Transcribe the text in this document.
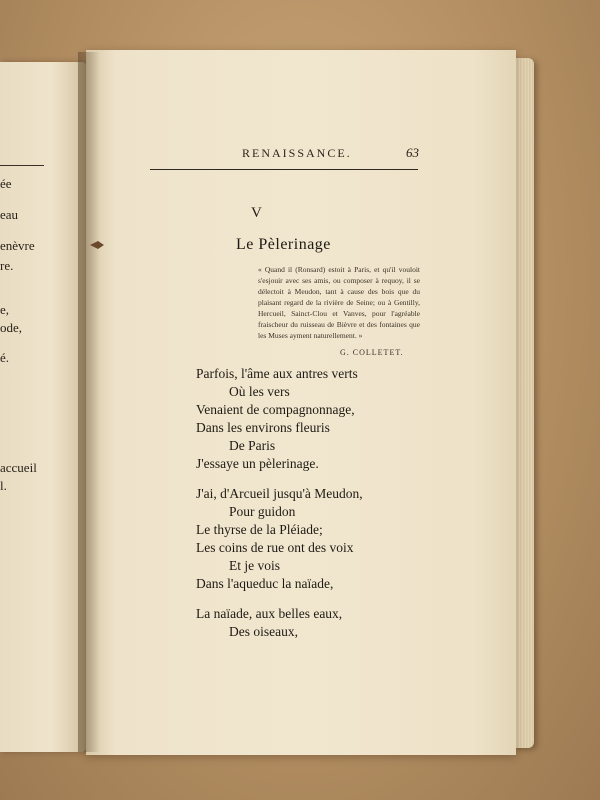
ée
eau
enèvre
re.
e,
ode,
é.
accueil
l.
RENAISSANCE.	63
V
Le Pèlerinage
« Quand il (Ronsard) estoit à Paris, et qu'il vouloit s'esjouir avec ses amis, ou composer à requoy, il se délectoit à Meudon, tant à cause des bois que du plaisant regard de la rivière de Seine; ou à Gentilly, Hercueil, Sainct-Clou et Vanves, pour l'agréable fraischeur du ruisseau de Bièvre et des fontaines que les Muses ayment naturellement. »
G. COLLETET.
Parfois, l'âme aux antres verts
Où les vers
Venaient de compagnonnage,
Dans les environs fleuris
De Paris
J'essaye un pèlerinage.
J'ai, d'Arcueil jusqu'à Meudon,
Pour guidon
Le thyrse de la Pléiade;
Les coins de rue ont des voix
Et je vois
Dans l'aqueduc la naïade,
La naïade, aux belles eaux,
Des oiseaux,
